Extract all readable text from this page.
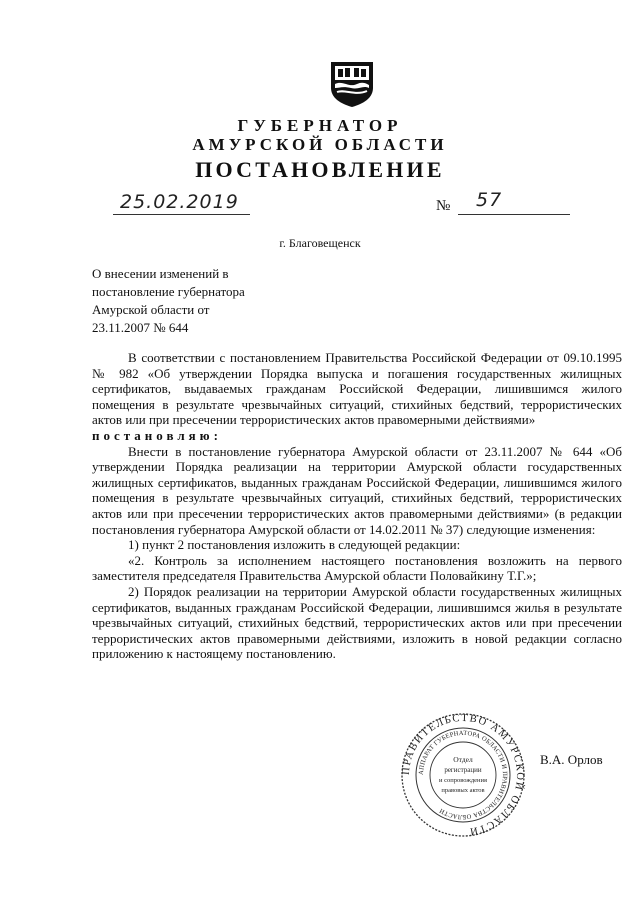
ГУБЕРНАТОР
АМУРСКОЙ ОБЛАСТИ
ПОСТАНОВЛЕНИЕ
25.02.2019	№ 57
г. Благовещенск
О внесении изменений в
постановление губернатора
Амурской области от
23.11.2007 № 644

В соответствии с постановлением Правительства Российской Федерации от 09.10.1995 № 982 «Об утверждении Порядка выпуска и погашения государственных жилищных сертификатов, выдаваемых гражданам Российской Федерации, лишившимся жилого помещения в результате чрезвычайных ситуаций, стихийных бедствий, террористических актов или при пресечении террористических актов правомерными действиями»

постановляю:

Внести в постановление губернатора Амурской области от 23.11.2007 № 644 «Об утверждении Порядка реализации на территории Амурской области государственных жилищных сертификатов, выданных гражданам Российской Федерации, лишившимся жилого помещения в результате чрезвычайных ситуаций, стихийных бедствий, террористических актов или при пресечении террористических актов правомерными действиями» (в редакции постановления губернатора Амурской области от 14.02.2011 № 37) следующие изменения:

1) пункт 2 постановления изложить в следующей редакции:

«2. Контроль за исполнением настоящего постановления возложить на первого заместителя председателя Правительства Амурской области Половайкину Т.Г.»;

2) Порядок реализации на территории Амурской области государственных жилищных сертификатов, выданных гражданам Российской Федерации, лишившимся жилья в результате чрезвычайных ситуаций, стихийных бедствий, террористических актов или при пресечении террористических актов правомерными действиями, изложить в новой редакции согласно приложению к настоящему постановлению.

ПРАВИТЕЛЬСТВО АМУРСКОЙ ОБЛАСТИ
АППАРАТ ГУБЕРНАТОРА ОБЛАСТИ И ПРАВИТЕЛЬСТВА ОБЛАСТИ
Отдел
регистрации
и сопровождения
правовых актов
В.А. Орлов
